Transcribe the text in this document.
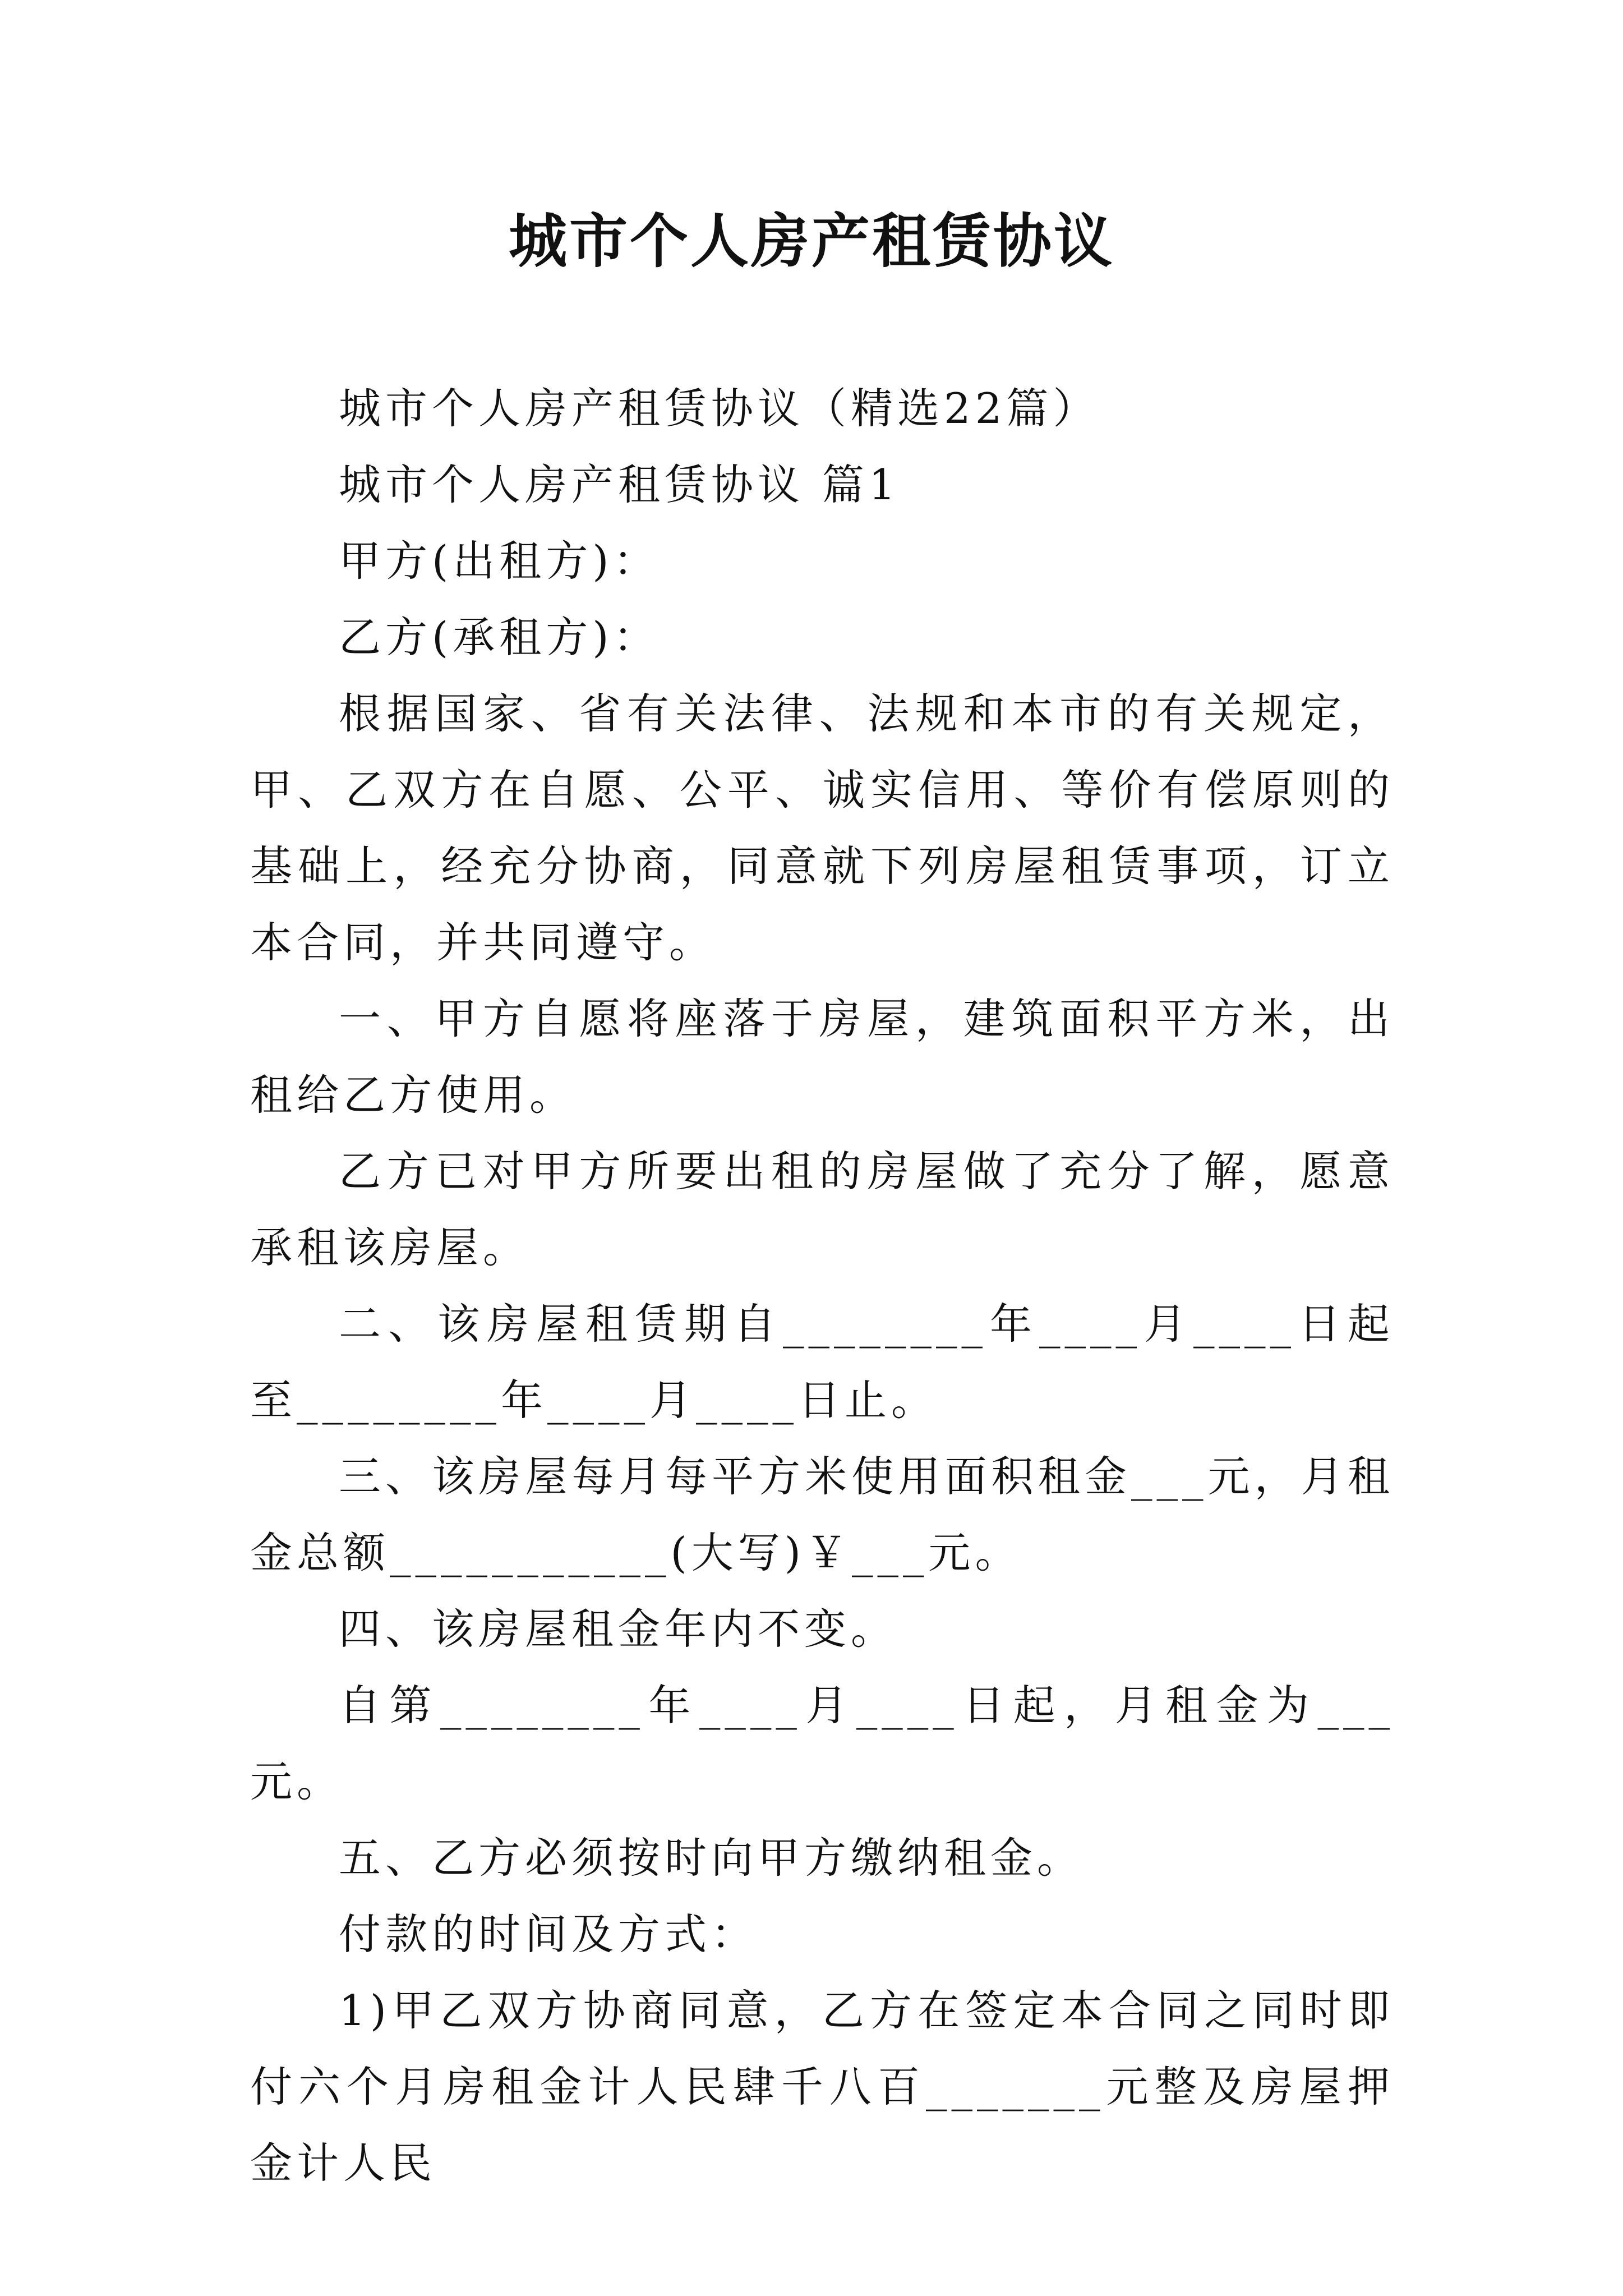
城市个人房产租赁协议

城市个人房产租赁协议（精选22篇）

城市个人房产租赁协议 篇1

甲方(出租方)：

乙方(承租方)：

根据国家、省有关法律、法规和本市的有关规定，甲、乙双方在自愿、公平、诚实信用、等价有偿原则的基础上，经充分协商，同意就下列房屋租赁事项，订立本合同，并共同遵守。

一、甲方自愿将座落于房屋，建筑面积平方米，出租给乙方使用。

乙方已对甲方所要出租的房屋做了充分了解，愿意承租该房屋。

二、该房屋租赁期自________年____月____日起至________年____月____日止。

三、该房屋每月每平方米使用面积租金___元，月租金总额___________(大写)￥___元。

四、该房屋租金年内不变。

自第________年____月____日起，月租金为___元。

五、乙方必须按时向甲方缴纳租金。

付款的时间及方式：

1)甲乙双方协商同意，乙方在签定本合同之同时即付六个月房租金计人民肆千八百_______元整及房屋押金计人民
